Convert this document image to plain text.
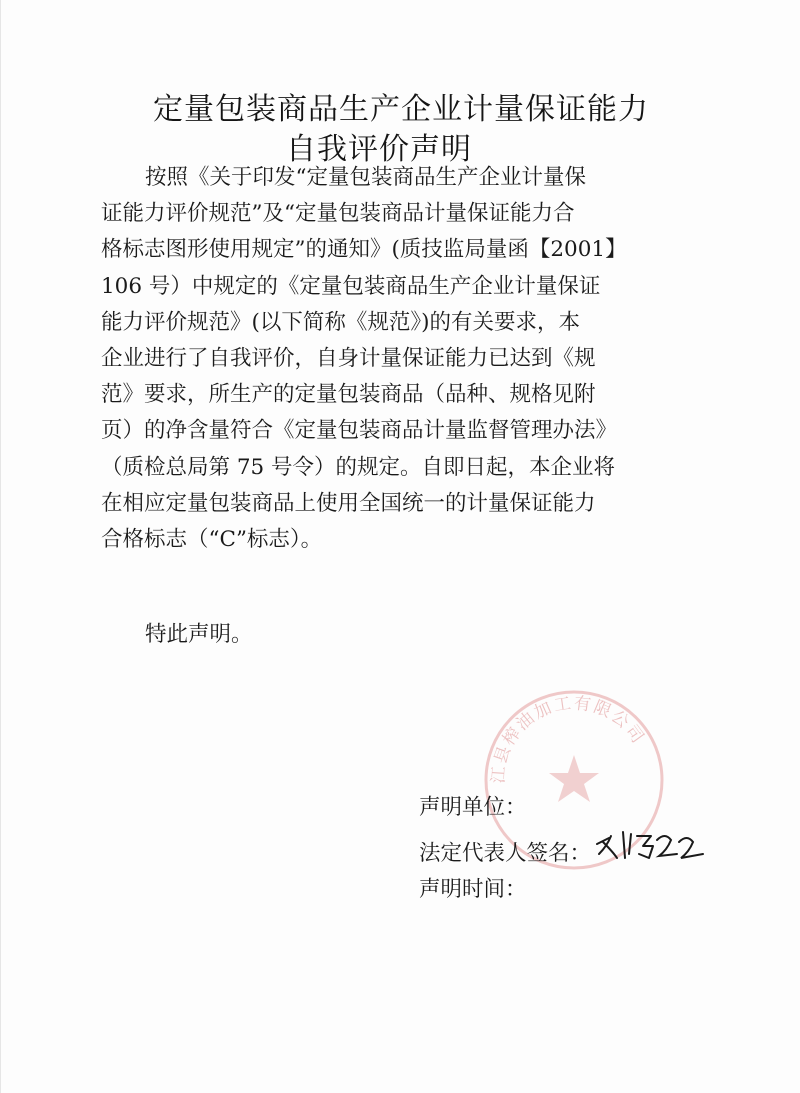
定量包装商品生产企业计量保证能力
自我评价声明
按照《关于印发“定量包装商品生产企业计量保
证能力评价规范”及“定量包装商品计量保证能力合
格标志图形使用规定”的通知》(质技监局量函【2001】
106 号）中规定的《定量包装商品生产企业计量保证
能力评价规范》(以下简称《规范》)的有关要求，本
企业进行了自我评价，自身计量保证能力已达到《规
范》要求，所生产的定量包装商品（品种、规格见附
页）的净含量符合《定量包装商品计量监督管理办法》
（质检总局第 75 号令）的规定。自即日起，本企业将
在相应定量包装商品上使用全国统一的计量保证能力
合格标志（“C”标志）。
特此声明。
江县榨油加工有限公司
声明单位：
法定代表人签名：
声明时间：
